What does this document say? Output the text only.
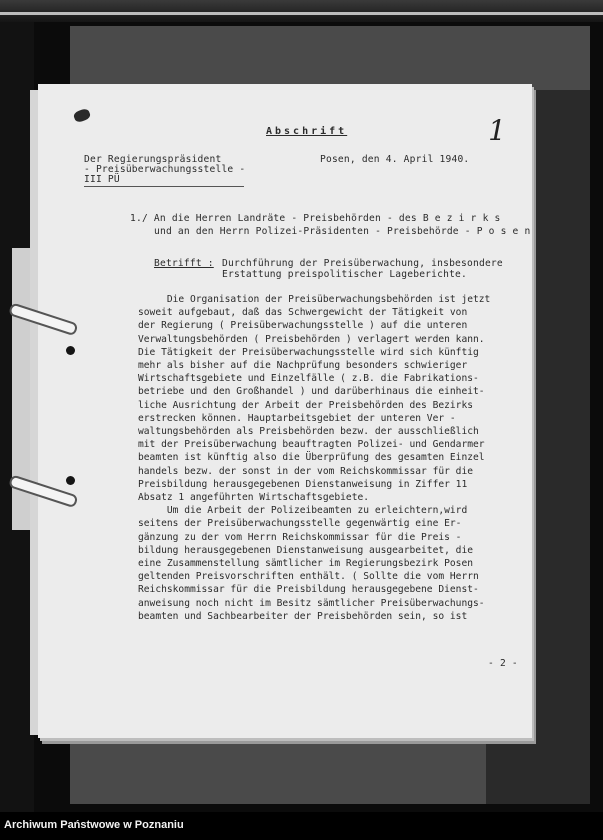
1
Abschrift
Der Regierungspräsident
- Preisüberwachungsstelle -
III PÜ
Posen, den 4. April 1940.
1./ An die Herren Landräte - Preisbehörden - des B e z i r k s
und an den Herrn Polizei-Präsidenten - Preisbehörde - P o s e n
Betrifft : Durchführung der Preisüberwachung, insbesondere
Erstattung preispolitischer Lageberichte.
Die Organisation der Preisüberwachungsbehörden ist jetzt
soweit aufgebaut, daß das Schwergewicht der Tätigkeit von
der Regierung ( Preisüberwachungsstelle ) auf die unteren
Verwaltungsbehörden ( Preisbehörden ) verlagert werden kann.
Die Tätigkeit der Preisüberwachungsstelle wird sich künftig
mehr als bisher auf die Nachprüfung besonders schwieriger
Wirtschaftsgebiete und Einzelfälle ( z.B. die Fabrikations-
betriebe und den Großhandel ) und darüberhinaus die einheit-
liche Ausrichtung der Arbeit der Preisbehörden des Bezirks
erstrecken können. Hauptarbeitsgebiet der unteren Ver -
waltungsbehörden als Preisbehörden bezw. der ausschließlich
mit der Preisüberwachung beauftragten Polizei- und Gendarmer
beamten ist künftig also die Überprüfung des gesamten Einzel
handels bezw. der sonst in der vom Reichskommissar für die
Preisbildung herausgegebenen Dienstanweisung in Ziffer 11
Absatz 1 angeführten Wirtschaftsgebiete.
Um die Arbeit der Polizeibeamten zu erleichtern,wird
seitens der Preisüberwachungsstelle gegenwärtig eine Er-
gänzung zu der vom Herrn Reichskommissar für die Preis -
bildung herausgegebenen Dienstanweisung ausgearbeitet, die
eine Zusammenstellung sämtlicher im Regierungsbezirk Posen
geltenden Preisvorschriften enthält. ( Sollte die vom Herrn
Reichskommissar für die Preisbildung herausgegebene Dienst-
anweisung noch nicht im Besitz sämtlicher Preisüberwachungs-
beamten und Sachbearbeiter der Preisbehörden sein, so ist
- 2 -
Archiwum Państwowe w Poznaniu
